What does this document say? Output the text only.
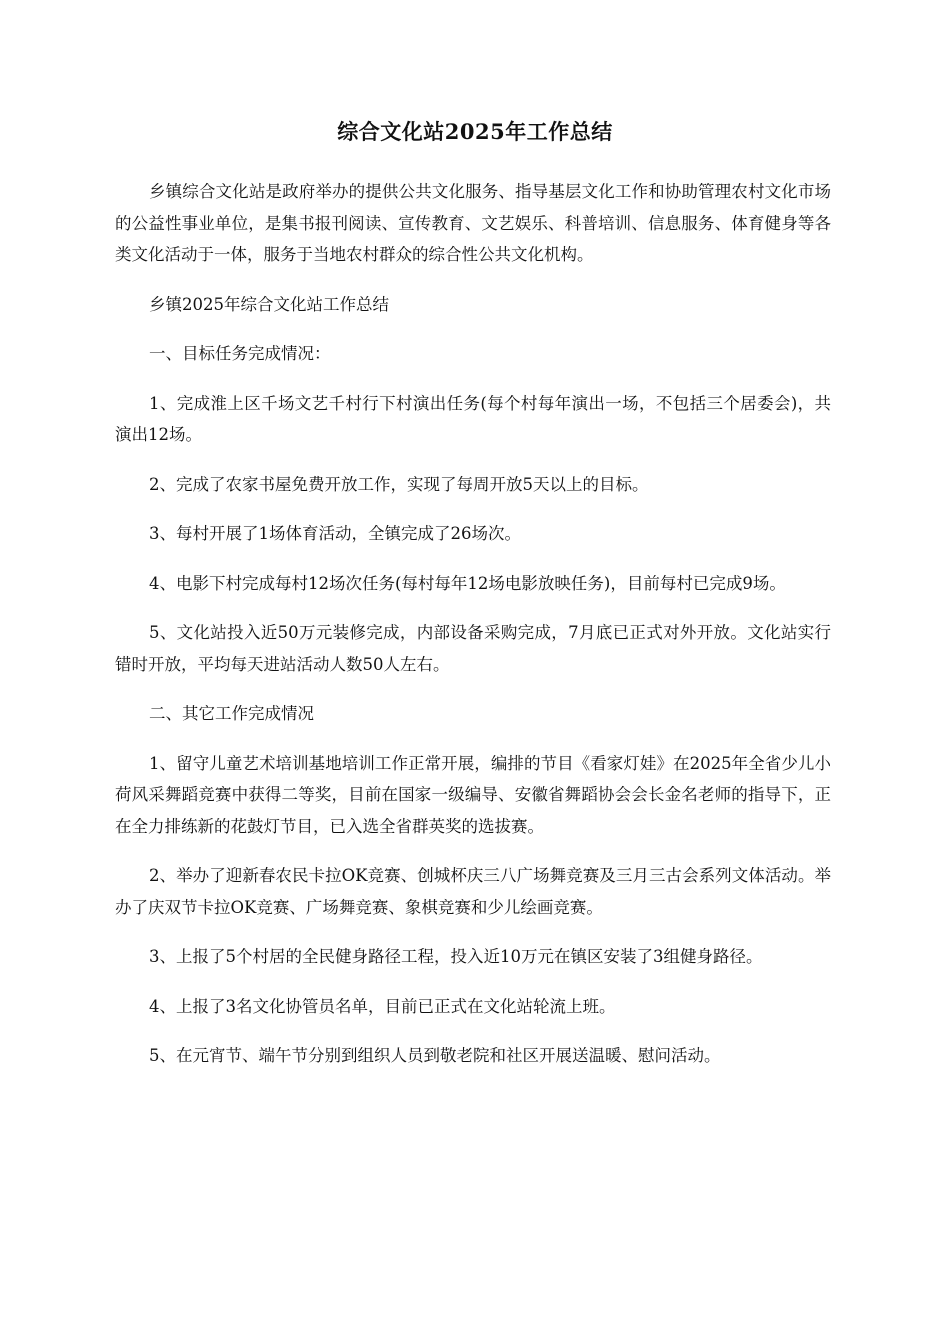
综合文化站2025年工作总结

乡镇综合文化站是政府举办的提供公共文化服务、指导基层文化工作和协助管理农村文化市场的公益性事业单位，是集书报刊阅读、宣传教育、文艺娱乐、科普培训、信息服务、体育健身等各类文化活动于一体，服务于当地农村群众的综合性公共文化机构。

乡镇2025年综合文化站工作总结

一、目标任务完成情况：

1、完成淮上区千场文艺千村行下村演出任务(每个村每年演出一场，不包括三个居委会)，共演出12场。

2、完成了农家书屋免费开放工作，实现了每周开放5天以上的目标。

3、每村开展了1场体育活动，全镇完成了26场次。

4、电影下村完成每村12场次任务(每村每年12场电影放映任务)，目前每村已完成9场。

5、文化站投入近50万元装修完成，内部设备采购完成，7月底已正式对外开放。文化站实行错时开放，平均每天进站活动人数50人左右。

二、其它工作完成情况

1、留守儿童艺术培训基地培训工作正常开展，编排的节目《看家灯娃》在2025年全省少儿小荷风采舞蹈竞赛中获得二等奖，目前在国家一级编导、安徽省舞蹈协会会长金名老师的指导下，正在全力排练新的花鼓灯节目，已入选全省群英奖的选拔赛。

2、举办了迎新春农民卡拉OK竞赛、创城杯庆三八广场舞竞赛及三月三古会系列文体活动。举办了庆双节卡拉OK竞赛、广场舞竞赛、象棋竞赛和少儿绘画竞赛。

3、上报了5个村居的全民健身路径工程，投入近10万元在镇区安装了3组健身路径。

4、上报了3名文化协管员名单，目前已正式在文化站轮流上班。

5、在元宵节、端午节分别到组织人员到敬老院和社区开展送温暖、慰问活动。
